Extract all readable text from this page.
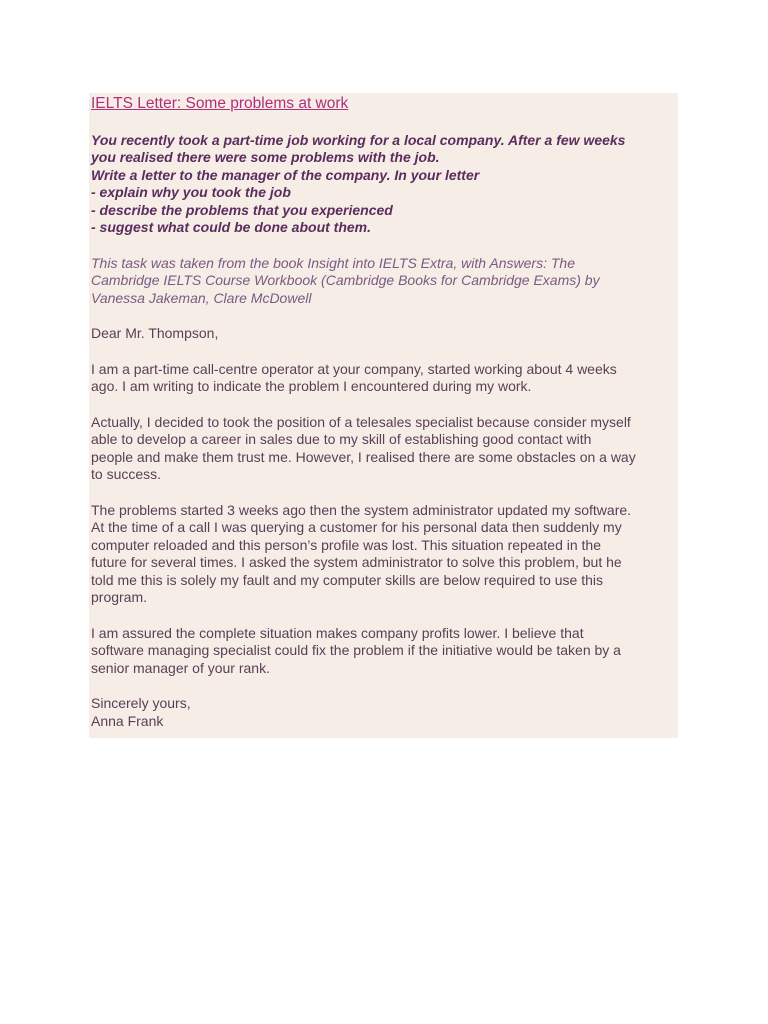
IELTS Letter: Some problems at work
You recently took a part-time job working for a local company. After a few weeks
you realised there were some problems with the job.
Write a letter to the manager of the company. In your letter
- explain why you took the job
- describe the problems that you experienced
- suggest what could be done about them.
This task was taken from the book Insight into IELTS Extra, with Answers: The
Cambridge IELTS Course Workbook (Cambridge Books for Cambridge Exams) by
Vanessa Jakeman, Clare McDowell
Dear Mr. Thompson,
I am a part-time call-centre operator at your company, started working about 4 weeks
ago. I am writing to indicate the problem I encountered during my work.
Actually, I decided to took the position of a telesales specialist because consider myself
able to develop a career in sales due to my skill of establishing good contact with
people and make them trust me. However, I realised there are some obstacles on a way
to success.
The problems started 3 weeks ago then the system administrator updated my software.
At the time of a call I was querying a customer for his personal data then suddenly my
computer reloaded and this person’s profile was lost. This situation repeated in the
future for several times. I asked the system administrator to solve this problem, but he
told me this is solely my fault and my computer skills are below required to use this
program.
I am assured the complete situation makes company profits lower. I believe that
software managing specialist could fix the problem if the initiative would be taken by a
senior manager of your rank.
Sincerely yours,
Anna Frank
